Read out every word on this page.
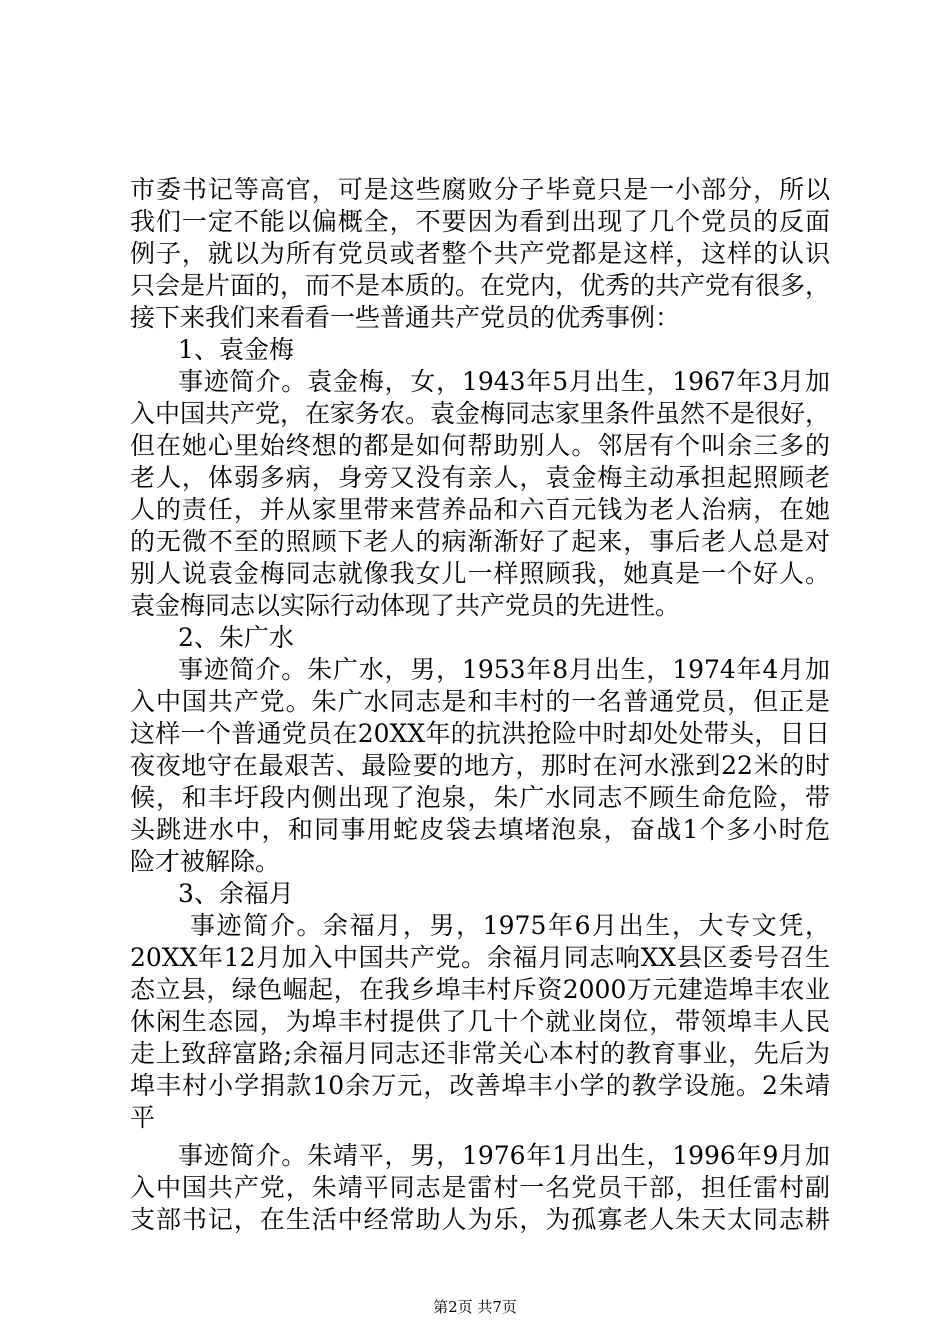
市委书记等高官，可是这些腐败分子毕竟只是一小部分，所以
我们一定不能以偏概全，不要因为看到出现了几个党员的反面
例子，就以为所有党员或者整个共产党都是这样，这样的认识
只会是片面的，而不是本质的。在党内，优秀的共产党有很多，
接下来我们来看看一些普通共产党员的优秀事例：
1、袁金梅
事迹简介。袁金梅，女，1943年5月出生，1967年3月加
入中国共产党，在家务农。袁金梅同志家里条件虽然不是很好，
但在她心里始终想的都是如何帮助别人。邻居有个叫余三多的
老人，体弱多病，身旁又没有亲人，袁金梅主动承担起照顾老
人的责任，并从家里带来营养品和六百元钱为老人治病，在她
的无微不至的照顾下老人的病渐渐好了起来，事后老人总是对
别人说袁金梅同志就像我女儿一样照顾我，她真是一个好人。
袁金梅同志以实际行动体现了共产党员的先进性。
2、朱广水
事迹简介。朱广水，男，1953年8月出生，1974年4月加
入中国共产党。朱广水同志是和丰村的一名普通党员，但正是
这样一个普通党员在20XX年的抗洪抢险中时却处处带头，日日
夜夜地守在最艰苦、最险要的地方，那时在河水涨到22米的时
候，和丰圩段内侧出现了泡泉，朱广水同志不顾生命危险，带
头跳进水中，和同事用蛇皮袋去填堵泡泉，奋战1个多小时危
险才被解除。
3、余福月
事迹简介。余福月，男，1975年6月出生，大专文凭，
20XX年12月加入中国共产党。余福月同志响XX县区委号召生
态立县，绿色崛起，在我乡埠丰村斥资2000万元建造埠丰农业
休闲生态园，为埠丰村提供了几十个就业岗位，带领埠丰人民
走上致辞富路;余福月同志还非常关心本村的教育事业，先后为
埠丰村小学捐款10余万元，改善埠丰小学的教学设施。2朱靖
平
事迹简介。朱靖平，男，1976年1月出生，1996年9月加
入中国共产党，朱靖平同志是雷村一名党员干部，担任雷村副
支部书记，在生活中经常助人为乐，为孤寡老人朱天太同志耕
第2页 共7页
